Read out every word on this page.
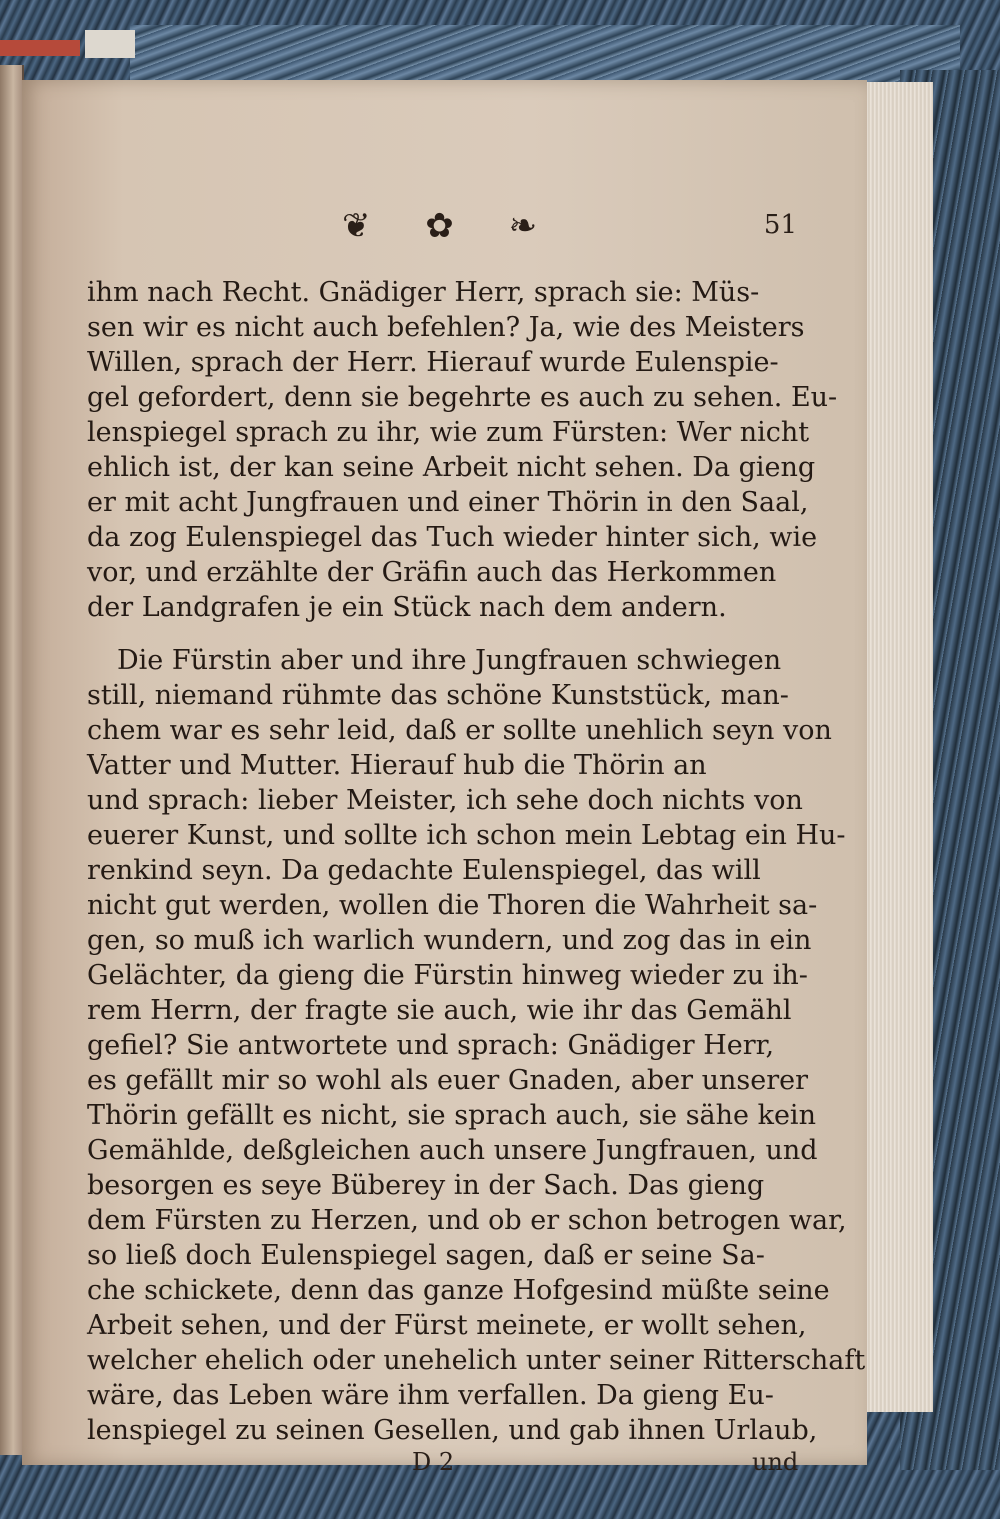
❦ ✿ ❧	51

ihm nach Recht. Gnädiger Herr, sprach sie: Müs-

sen wir es nicht auch befehlen? Ja, wie des Meisters

Willen, sprach der Herr. Hierauf wurde Eulenspie-

gel gefordert, denn sie begehrte es auch zu sehen. Eu-

lenspiegel sprach zu ihr, wie zum Fürsten: Wer nicht

ehlich ist, der kan seine Arbeit nicht sehen. Da gieng

er mit acht Jungfrauen und einer Thörin in den Saal,

da zog Eulenspiegel das Tuch wieder hinter sich, wie

vor, und erzählte der Gräfin auch das Herkommen

der Landgrafen je ein Stück nach dem andern.

Die Fürstin aber und ihre Jungfrauen schwiegen

still, niemand rühmte das schöne Kunststück, man-

chem war es sehr leid, daß er sollte unehlich seyn von

Vatter und Mutter. Hierauf hub die Thörin an

und sprach: lieber Meister, ich sehe doch nichts von

euerer Kunst, und sollte ich schon mein Lebtag ein Hu-

renkind seyn. Da gedachte Eulenspiegel, das will

nicht gut werden, wollen die Thoren die Wahrheit sa-

gen, so muß ich warlich wundern, und zog das in ein

Gelächter, da gieng die Fürstin hinweg wieder zu ih-

rem Herrn, der fragte sie auch, wie ihr das Gemähl

gefiel? Sie antwortete und sprach: Gnädiger Herr,

es gefällt mir so wohl als euer Gnaden, aber unserer

Thörin gefällt es nicht, sie sprach auch, sie sähe kein

Gemählde, deßgleichen auch unsere Jungfrauen, und

besorgen es seye Büberey in der Sach. Das gieng

dem Fürsten zu Herzen, und ob er schon betrogen war,

so ließ doch Eulenspiegel sagen, daß er seine Sa-

che schickete, denn das ganze Hofgesind müßte seine

Arbeit sehen, und der Fürst meinete, er wollt sehen,

welcher ehelich oder unehelich unter seiner Ritterschaft

wäre, das Leben wäre ihm verfallen. Da gieng Eu-

lenspiegel zu seinen Gesellen, und gab ihnen Urlaub,

D 2	und
